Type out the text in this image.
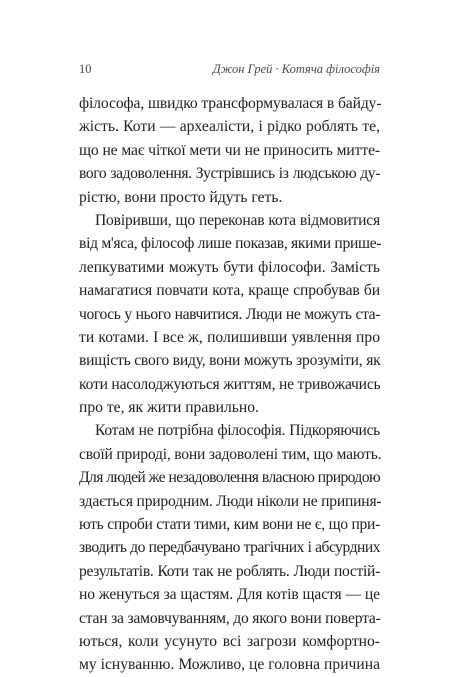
10	Джон Грей · Котяча філософія
філософа, швидко трансформувалася в байду-
жість. Коти — археалісти, і рідко роблять те,
що не має чіткої мети чи не приносить митте-
вого задоволення. Зустрівшись із людською ду-
рістю, вони просто йдуть геть.
Повіривши, що переконав кота відмовитися
від м'яса, філософ лише показав, якими пришe-
лепкуватими можуть бути філософи. Замість
намагатися повчати кота, краще спробував би
чогось у нього навчитися. Люди не можуть ста-
ти котами. І все ж, полишивши уявлення про
вищість свого виду, вони можуть зрозуміти, як
коти насолоджуються життям, не тривожачись
про те, як жити правильно.
Котам не потрібна філософія. Підкоряючись
своїй природі, вони задоволені тим, що мають.
Для людей же незадоволення власною природою
здається природним. Люди ніколи не припиня-
ють спроби стати тими, ким вони не є, що при-
зводить до передбачувано трагічних і абсурдних
результатів. Коти так не роблять. Люди постій-
но женуться за щастям. Для котів щастя — це
стан за замовчуванням, до якого вони поверта-
ються, коли усунуто всі загрози комфортно-
му існуванню. Можливо, це головна причина
